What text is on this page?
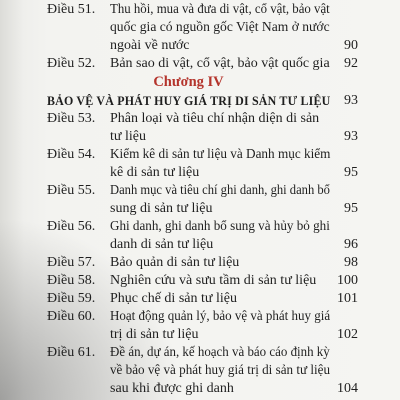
Điều 51.	Thu hồi, mua và đưa di vật, cổ vật, bảo vật
quốc gia có nguồn gốc Việt Nam ở nước
ngoài về nước	90
Điều 52.	Bản sao di vật, cổ vật, bảo vật quốc gia	92
Chương IV
BẢO VỆ VÀ PHÁT HUY GIÁ TRỊ DI SẢN TƯ LIỆU 93
Điều 53.	Phân loại và tiêu chí nhận diện di sản
tư liệu	93
Điều 54.	Kiểm kê di sản tư liệu và Danh mục kiểm
kê di sản tư liệu	95
Điều 55.	Danh mục và tiêu chí ghi danh, ghi danh bổ
sung di sản tư liệu	95
Điều 56.	Ghi danh, ghi danh bổ sung và hủy bỏ ghi
danh di sản tư liệu	96
Điều 57.	Bảo quản di sản tư liệu	98
Điều 58.	Nghiên cứu và sưu tầm di sản tư liệu	100
Điều 59.	Phục chế di sản tư liệu	101
Điều 60.	Hoạt động quản lý, bảo vệ và phát huy giá
trị di sản tư liệu	102
Điều 61.	Đề án, dự án, kế hoạch và báo cáo định kỳ
về bảo vệ và phát huy giá trị di sản tư liệu
sau khi được ghi danh	104
